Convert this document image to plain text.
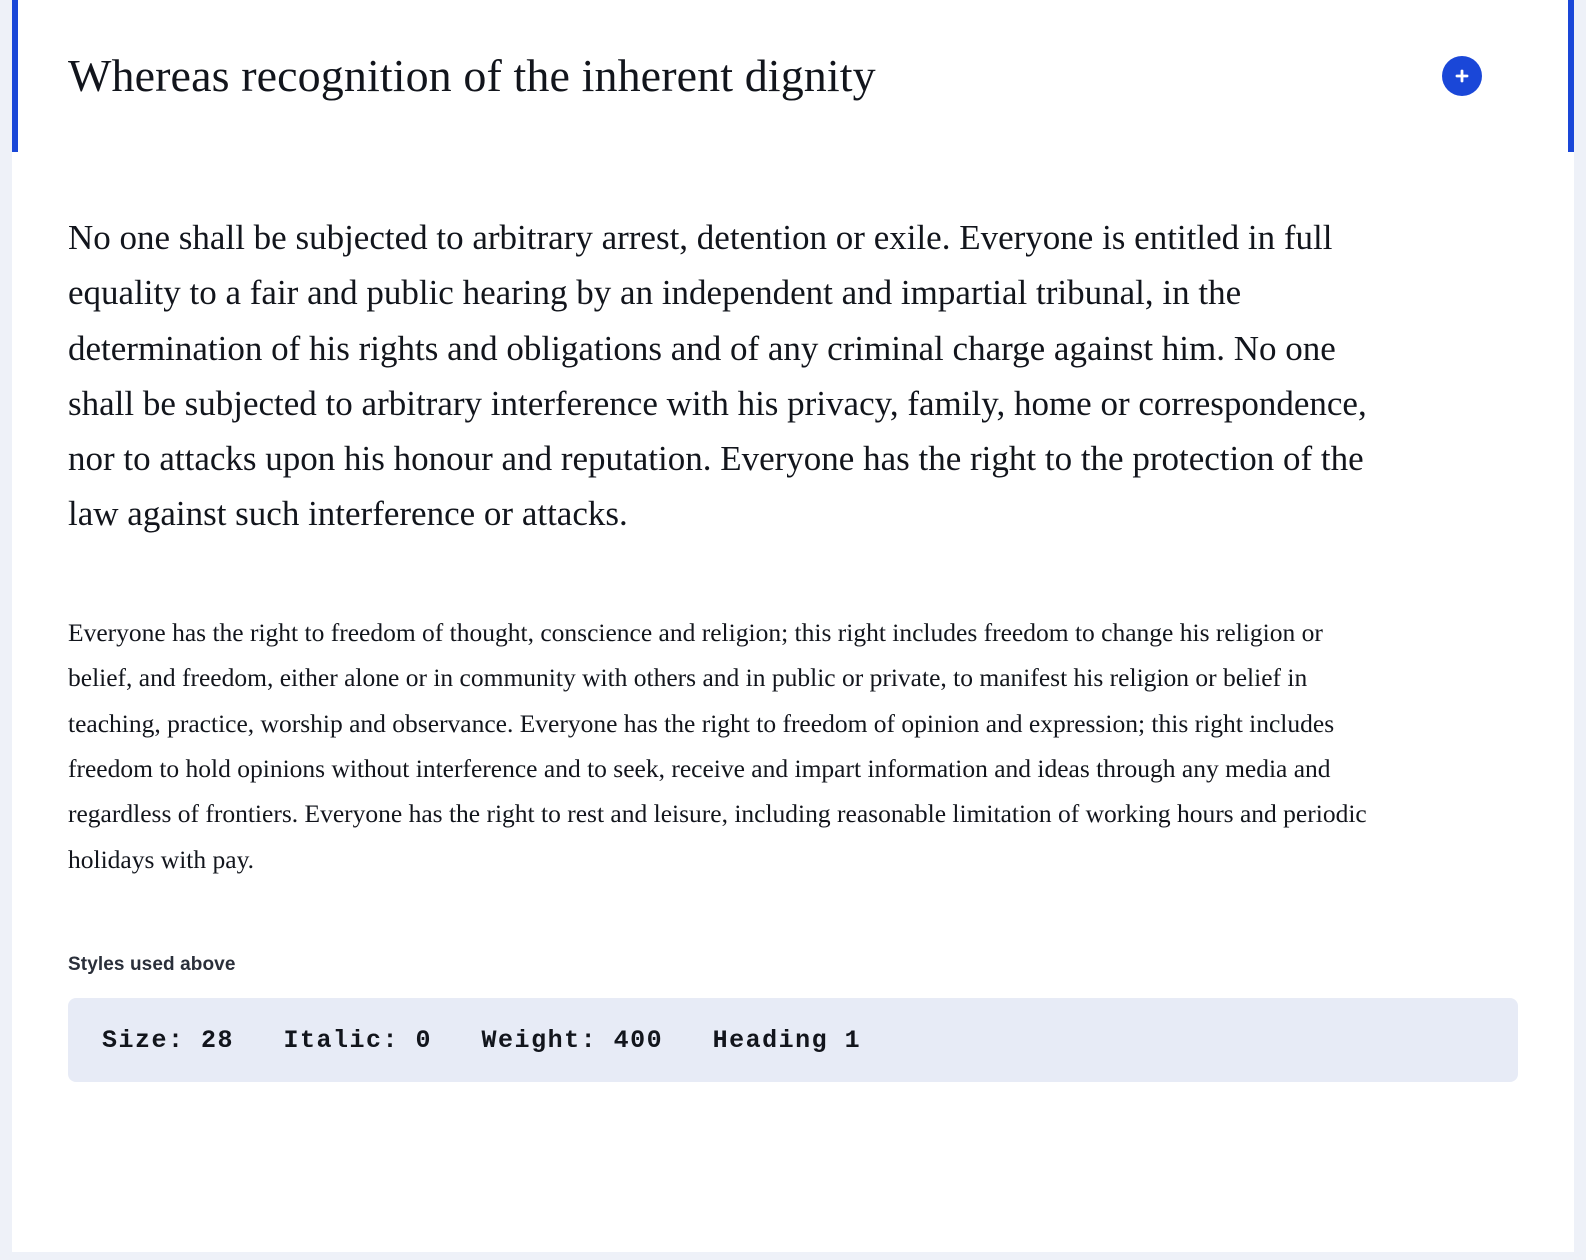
Whereas recognition of the inherent dignity

No one shall be subjected to arbitrary arrest, detention or exile. Everyone is entitled in full equality to a fair and public hearing by an independent and impartial tribunal, in the determination of his rights and obligations and of any criminal charge against him. No one shall be subjected to arbitrary interference with his privacy, family, home or correspondence, nor to attacks upon his honour and reputation. Everyone has the right to the protection of the law against such interference or attacks.

Everyone has the right to freedom of thought, conscience and religion; this right includes freedom to change his religion or belief, and freedom, either alone or in community with others and in public or private, to manifest his religion or belief in teaching, practice, worship and observance. Everyone has the right to freedom of opinion and expression; this right includes freedom to hold opinions without interference and to seek, receive and impart information and ideas through any media and regardless of frontiers. Everyone has the right to rest and leisure, including reasonable limitation of working hours and periodic holidays with pay.

Styles used above
Size: 28   Italic: 0   Weight: 400   Heading 1
